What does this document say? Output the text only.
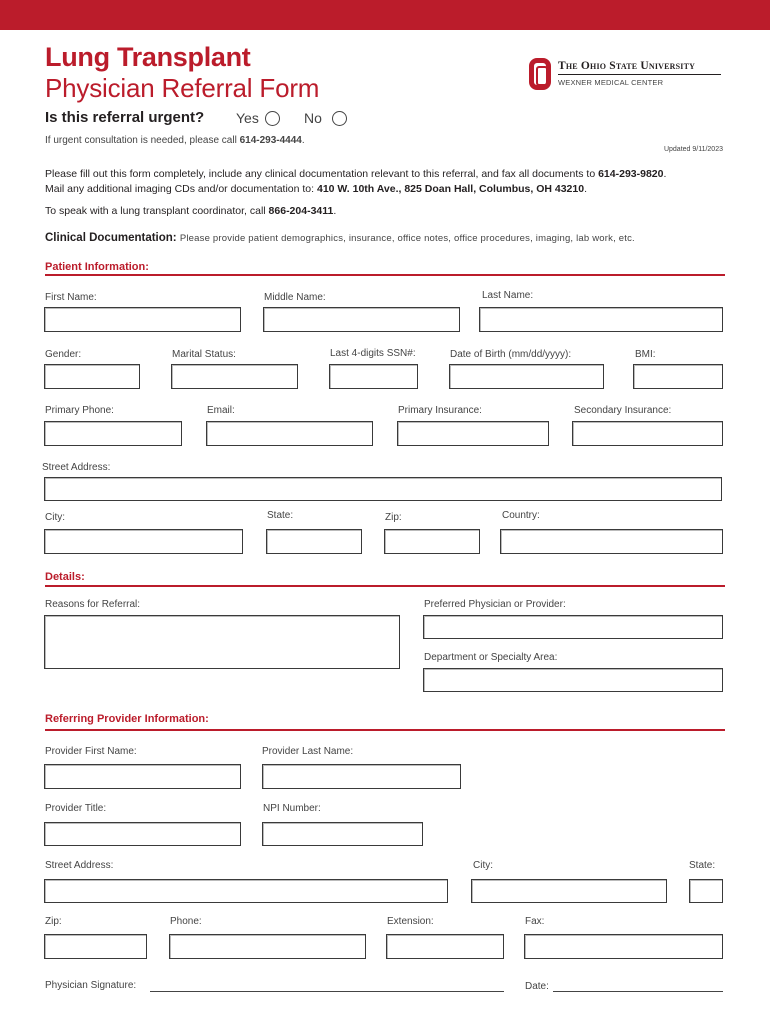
Lung Transplant
Physician Referral Form
The Ohio State University
WEXNER MEDICAL CENTER
Is this referral urgent? Yes	No
If urgent consultation is needed, please call 614-293-4444.
Updated 9/11/2023
Please fill out this form completely, include any clinical documentation relevant to this referral, and fax all documents to 614-293-9820.
Mail any additional imaging CDs and/or documentation to: 410 W. 10th Ave., 825 Doan Hall, Columbus, OH 43210.
To speak with a lung transplant coordinator, call 866-204-3411.
Clinical Documentation: Please provide patient demographics, insurance, office notes, office procedures, imaging, lab work, etc.
Patient Information:
First Name:	Middle Name:	Last Name:
Gender:	Marital Status:	Last 4-digits SSN#:	Date of Birth (mm/dd/yyyy):	BMI:
Primary Phone:	Email:	Primary Insurance:	Secondary Insurance:
Street Address:
City:	State:	Zip:	Country:
Details:
Reasons for Referral:	Preferred Physician or Provider:
Department or Specialty Area:
Referring Provider Information:
Provider First Name:	Provider Last Name:
Provider Title:	NPI Number:
Street Address:	City:	State:
Zip:	Phone:	Extension:	Fax:
Physician Signature:	Date:
